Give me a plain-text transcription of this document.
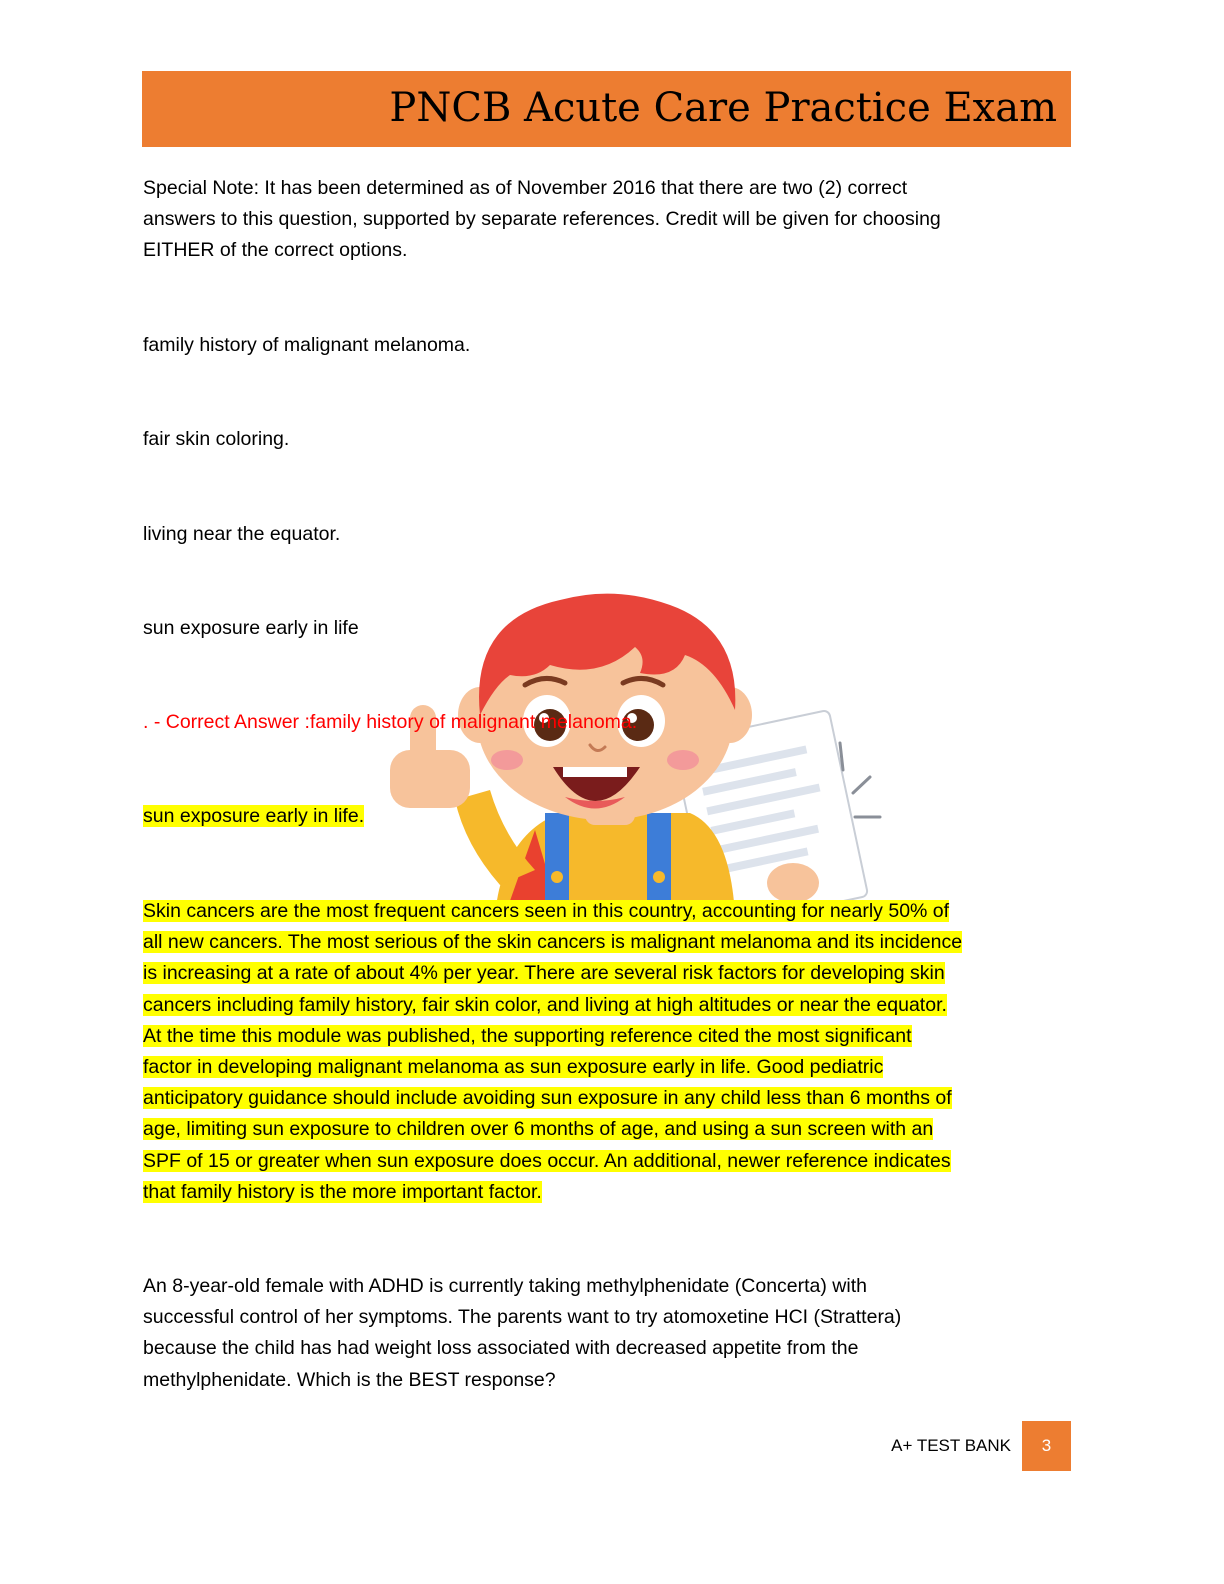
PNCB Acute Care Practice Exam
Special Note: It has been determined as of November 2016 that there are two (2) correct
answers to this question, supported by separate references. Credit will be given for choosing
EITHER of the correct options.
family history of malignant melanoma.
fair skin coloring.
living near the equator.
sun exposure early in life
. - Correct Answer :family history of malignant melanoma.
sun exposure early in life.
Skin cancers are the most frequent cancers seen in this country, accounting for nearly 50% of
all new cancers. The most serious of the skin cancers is malignant melanoma and its incidence
is increasing at a rate of about 4% per year. There are several risk factors for developing skin
cancers including family history, fair skin color, and living at high altitudes or near the equator.
At the time this module was published, the supporting reference cited the most significant
factor in developing malignant melanoma as sun exposure early in life. Good pediatric
anticipatory guidance should include avoiding sun exposure in any child less than 6 months of
age, limiting sun exposure to children over 6 months of age, and using a sun screen with an
SPF of 15 or greater when sun exposure does occur. An additional, newer reference indicates
that family history is the more important factor.
An 8-year-old female with ADHD is currently taking methylphenidate (Concerta) with
successful control of her symptoms. The parents want to try atomoxetine HCI (Strattera)
because the child has had weight loss associated with decreased appetite from the
methylphenidate. Which is the BEST response?
A+ TEST BANK	3
